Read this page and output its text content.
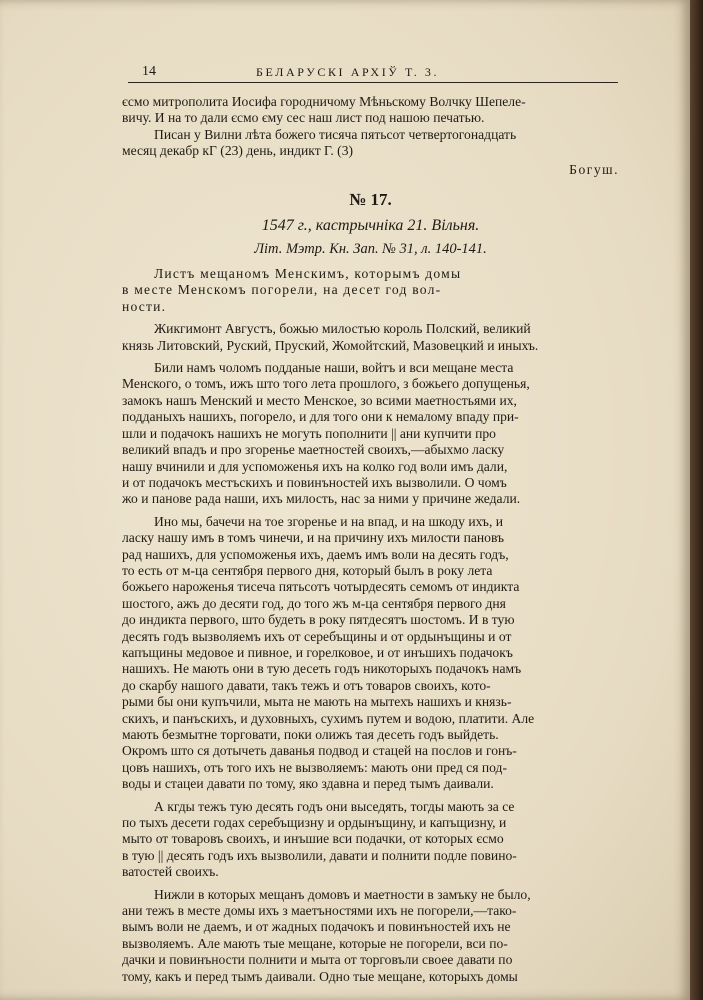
14	БЕЛАРУСКІ АРХІЎ Т. 3.
єсмо митрополита Иосифа городничому Мѣньскому Волчку Шепеле-
вичу. И на то дали єсмо єму сес наш лист под нашою печатью.
Писан у Вилни лѣта божего тисяча пятьсот четвертогонадцать
месяц декабр кГ (23) день, индикт Г. (3)
Богуш.
№ 17.
1547 г., кастрычніка 21. Вільня.
Літ. Мэтр. Кн. Зап. № 31, л. 140-141.
Листъ мещаномъ Менскимъ, которымъ домы
в месте Менскомъ погорели, на десет год вол-
ности.
Жикгимонт Августъ, божью милостью король Полский, великий
князь Литовский, Руский, Пруский, Жомойтский, Мазовецкий и иныхъ.
Били намъ чоломъ подданые наши, войтъ и вси мещане места
Менского, о томъ, ижъ што того лета прошлого, з божьего допущенья,
замокъ нашъ Менский и место Менское, зо всими маетностьями их,
подданыхъ нашихъ, погорело, и для того они к немалому впаду при-
шли и подачокъ нашихъ не могуть пополнити || ани купчити про
великий впадъ и про згоренье маетностей своихъ,—абыхмо ласку
нашу вчинили и для успоможенья ихъ на колко год воли имъ дали,
и от подачокъ местъскихъ и повинъностей ихъ вызволили. О чомъ
жо и панове рада наши, ихъ милость, нас за ними у причине жедали.
Ино мы, бачечи на тое згоренье и на впад, и на шкоду ихъ, и
ласку нашу имъ в томъ чинечи, и на причину ихъ милости пановъ
рад нашихъ, для успоможенья ихъ, даемъ имъ воли на десять годъ,
то есть от м-ца сентября первого дня, который былъ в року лета
божьего нароженья тисеча пятьсотъ чотырдесять семомъ от индикта
шостого, ажъ до десяти год, до того жъ м-ца сентября первого дня
до индикта первого, што будеть в року пятдесятъ шостомъ. И в тую
десять годъ вызволяемъ ихъ от серебъщины и от ордынъщины и от
капъщины медовое и пивное, и горелковое, и от инъшихъ подачокъ
нашихъ. Не мають они в тую десеть годъ никоторыхъ подачокъ намъ
до скарбу нашого давати, такъ тежъ и отъ товаров своихъ, кото-
рыми бы они купъчили, мыта не мають на мытехъ нашихъ и князь-
скихъ, и панъскихъ, и духовныхъ, сухимъ путем и водою, платити. Але
мають безмытне торговати, поки олижъ тая десеть годъ выйдеть.
Окромъ што ся дотычеть даванья подвод и стацей на послов и гонъ-
цовъ нашихъ, отъ того ихъ не вызволяемъ: мають они пред ся под-
воды и стацеи давати по тому, яко здавна и перед тымъ даивали.
А кгды тежъ тую десять годъ они выседять, тогды мають за се
по тыхъ десети годах серебъщизну и ордынъщину, и капъщизну, и
мыто от товаровъ своихъ, и инъшие вси подачки, от которых єсмо
в тую || десять годъ ихъ вызволили, давати и полнити подле повино-
ватостей своихъ.
Нижли в которых мещанъ домовъ и маетности в замъку не было,
ани тежъ в месте домы ихъ з маетъностями ихъ не погорели,—тако-
вымъ воли не даемъ, и от жадных подачокъ и повинъностей ихъ не
вызволяемъ. Але мають тые мещане, которые не погорели, вси по-
дачки и повинъности полнити и мыта от торговъли своее давати по
тому, какъ и перед тымъ даивали. Одно тые мещане, которыхъ домы
